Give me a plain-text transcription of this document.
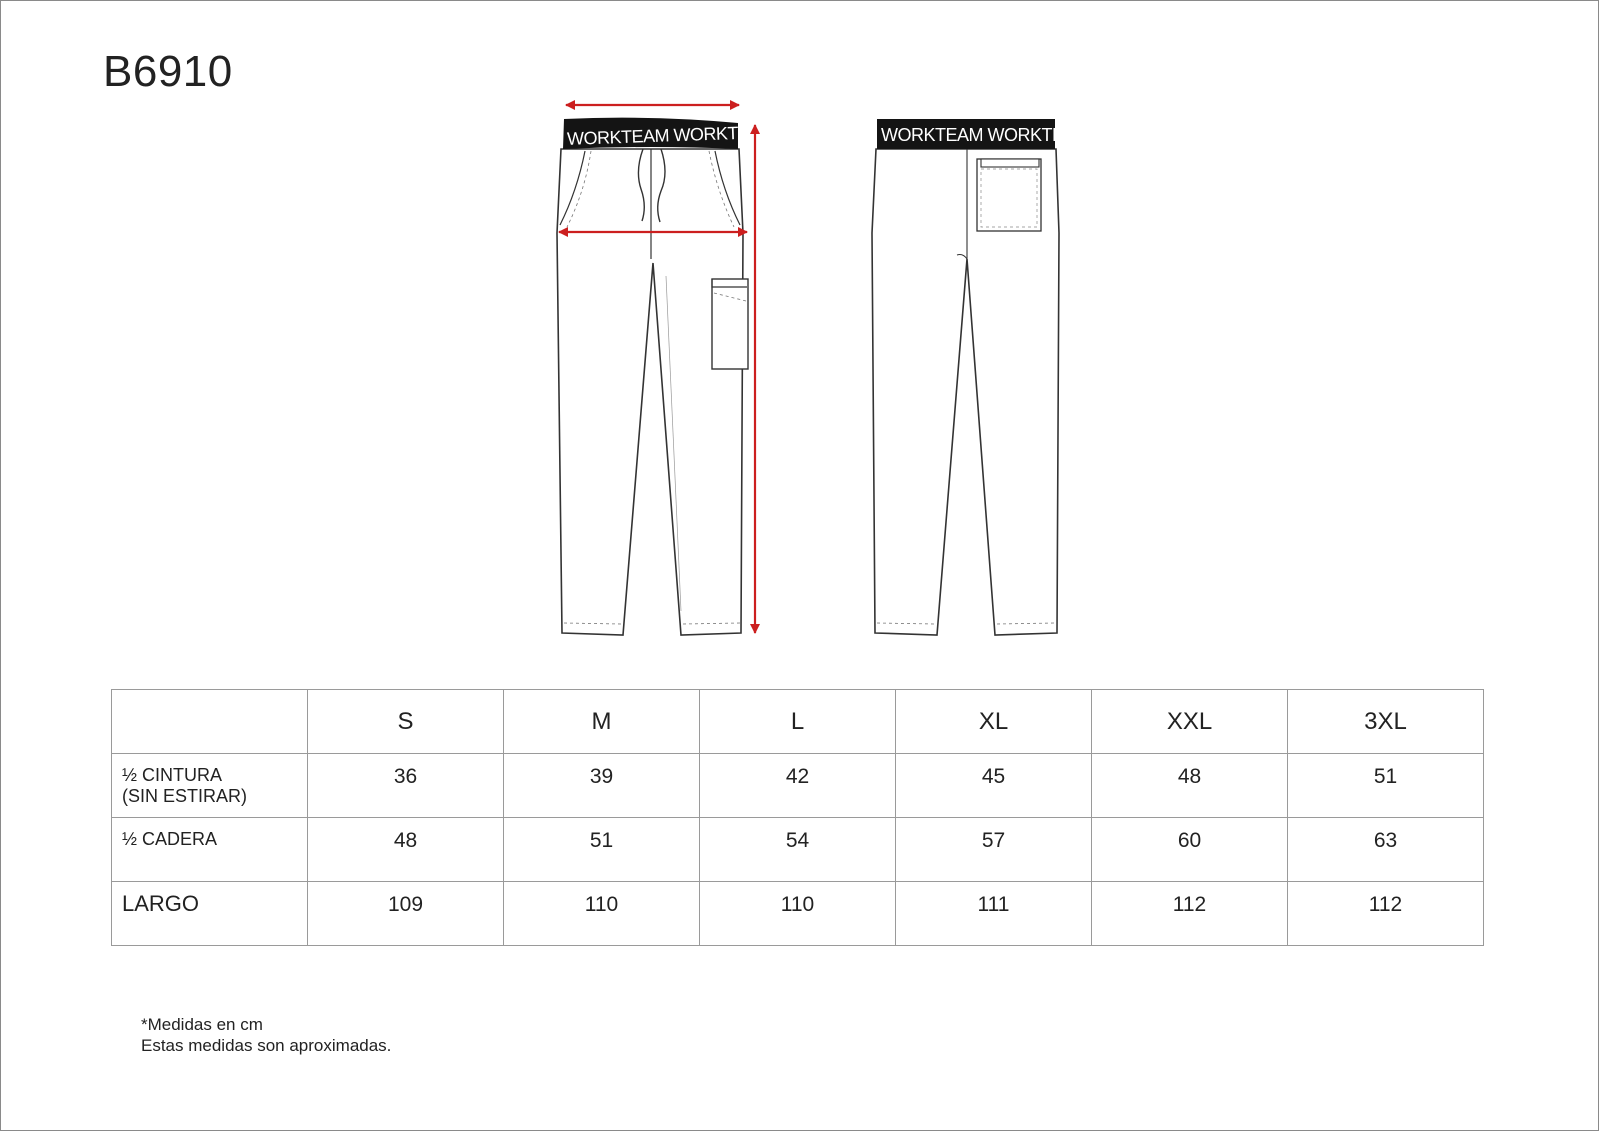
B6910
WORKTEAM WORKTEAM	WORKTEAM WORKTEAM
	S	M	L	XL	XXL	3XL

½ CINTURA
(SIN ESTIRAR)	36	39	42	45	48	51

½ CADERA	48	51	54	57	60	63

LARGO	109	110	110	111	112	112
*Medidas en cm
Estas medidas son aproximadas.
